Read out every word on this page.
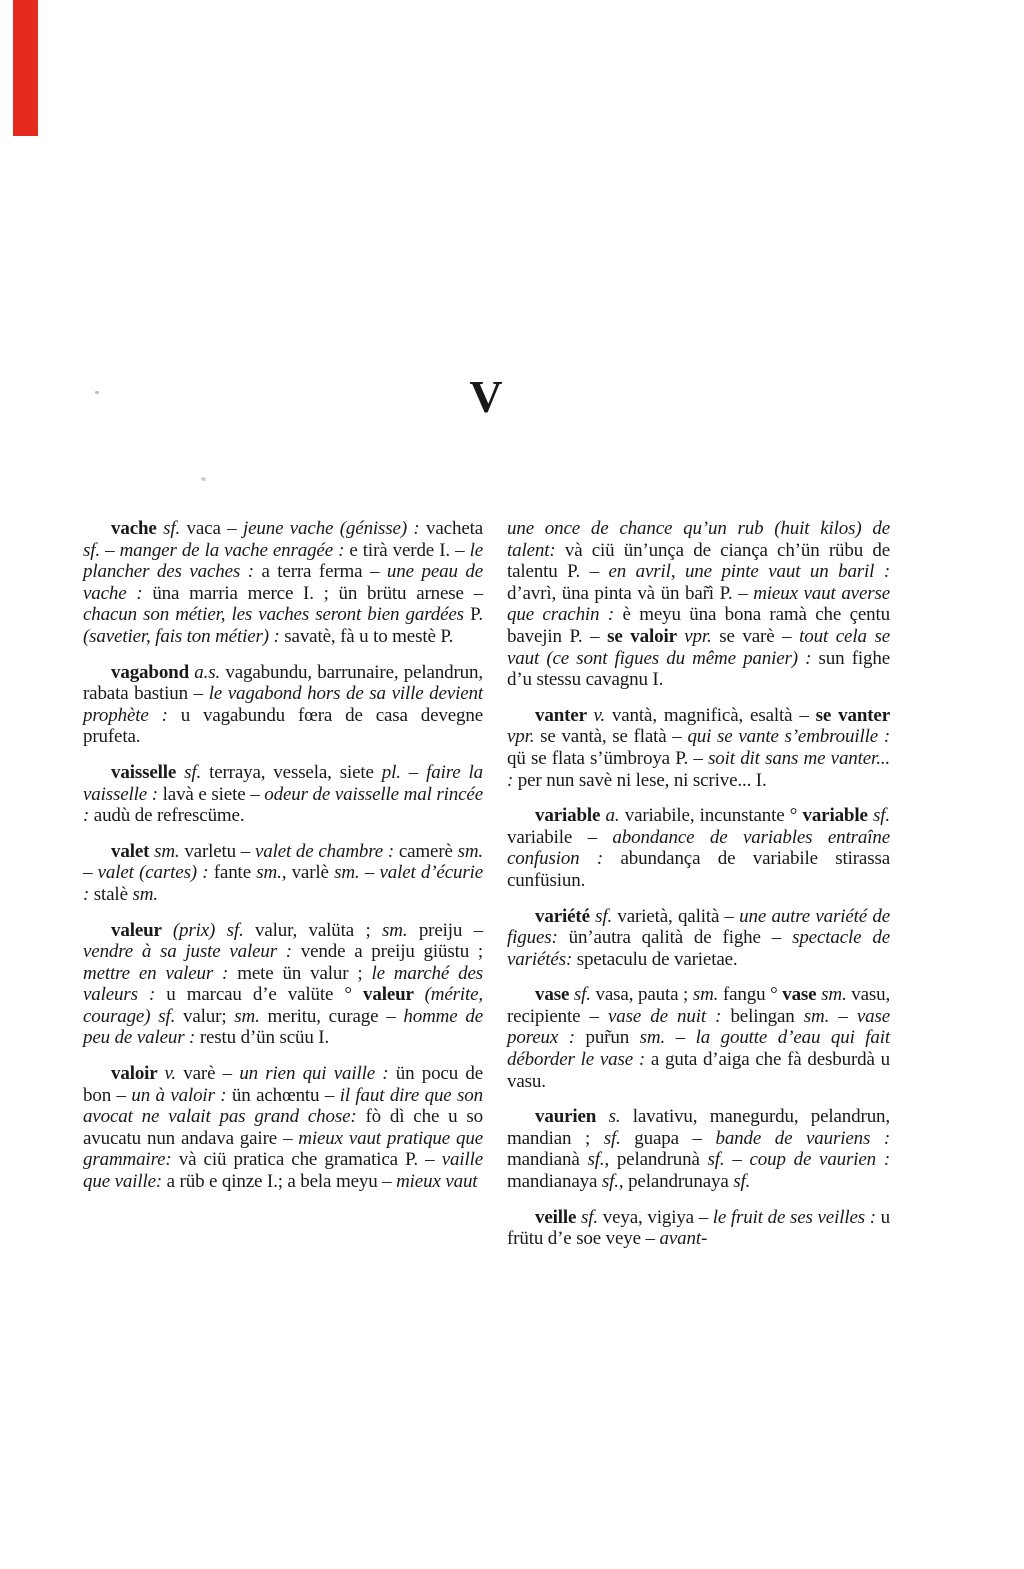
V

vache sf. vaca – jeune vache (génisse) : vacheta sf. – manger de la vache enragée : e tirà verde I. – le plancher des vaches : a terra ferma – une peau de vache : üna marria merce I. ; ün brütu arnese – chacun son métier, les vaches seront bien gardées P. (savetier, fais ton métier) : savatè, fà u to mestè P.

vagabond a.s. vagabundu, barrunaire, pelandrun, rabata bastiun – le vagabond hors de sa ville devient prophète : u vagabundu fœra de casa devegne prufeta.

vaisselle sf. terraya, vessela, siete pl. – faire la vaisselle : lavà e siete – odeur de vaisselle mal rincée : audù de refrescüme.

valet sm. varletu – valet de chambre : camerè sm. – valet (cartes) : fante sm., varlè sm. – valet d’écurie : stalè sm.

valeur (prix) sf. valur, valüta ; sm. preiju – vendre à sa juste valeur : vende a preiju giüstu ; mettre en valeur : mete ün valur ; le marché des valeurs : u marcau d’e valüte ° valeur (mérite, courage) sf. valur; sm. meritu, curage – homme de peu de valeur : restu d’ün scüu I.

valoir v. varè – un rien qui vaille : ün pocu de bon – un à valoir : ün achœntu – il faut dire que son avocat ne valait pas grand chose: fò dì che u so avucatu nun andava gaire – mieux vaut pratique que grammaire: và ciü pratica che gramatica P. – vaille que vaille: a rüb e qinze I.; a bela meyu – mieux vaut

une once de chance qu’un rub (huit kilos) de talent: và ciü ün’unça de ciança ch’ün rübu de talentu P. – en avril, une pinte vaut un baril : d’avrì, üna pinta và ün bar̃ì P. – mieux vaut averse que crachin : è meyu üna bona ramà che çentu bavejin P. – se valoir vpr. se varè – tout cela se vaut (ce sont figues du même panier) : sun fighe d’u stessu cavagnu I.

vanter v. vantà, magnificà, esaltà – se vanter vpr. se vantà, se flatà – qui se vante s’embrouille : qü se flata s’ümbroya P. – soit dit sans me vanter... : per nun savè ni lese, ni scrive... I.

variable a. variabile, incunstante ° variable sf. variabile – abondance de variables entraîne confusion : abundança de variabile stirassa cunfüsiun.

variété sf. varietà, qalità – une autre variété de figues: ün’autra qalità de fighe – spectacle de variétés: spetaculu de varietae.

vase sf. vasa, pauta ; sm. fangu ° vase sm. vasu, recipiente – vase de nuit : belingan sm. – vase poreux : pur̃un sm. – la goutte d’eau qui fait déborder le vase : a guta d’aiga che fà desburdà u vasu.

vaurien s. lavativu, manegurdu, pelandrun, mandian ; sf. guapa – bande de vauriens : mandianà sf., pelandrunà sf. – coup de vaurien : mandianaya sf., pelandrunaya sf.

veille sf. veya, vigiya – le fruit de ses veilles : u frütu d’e soe veye – avant-
